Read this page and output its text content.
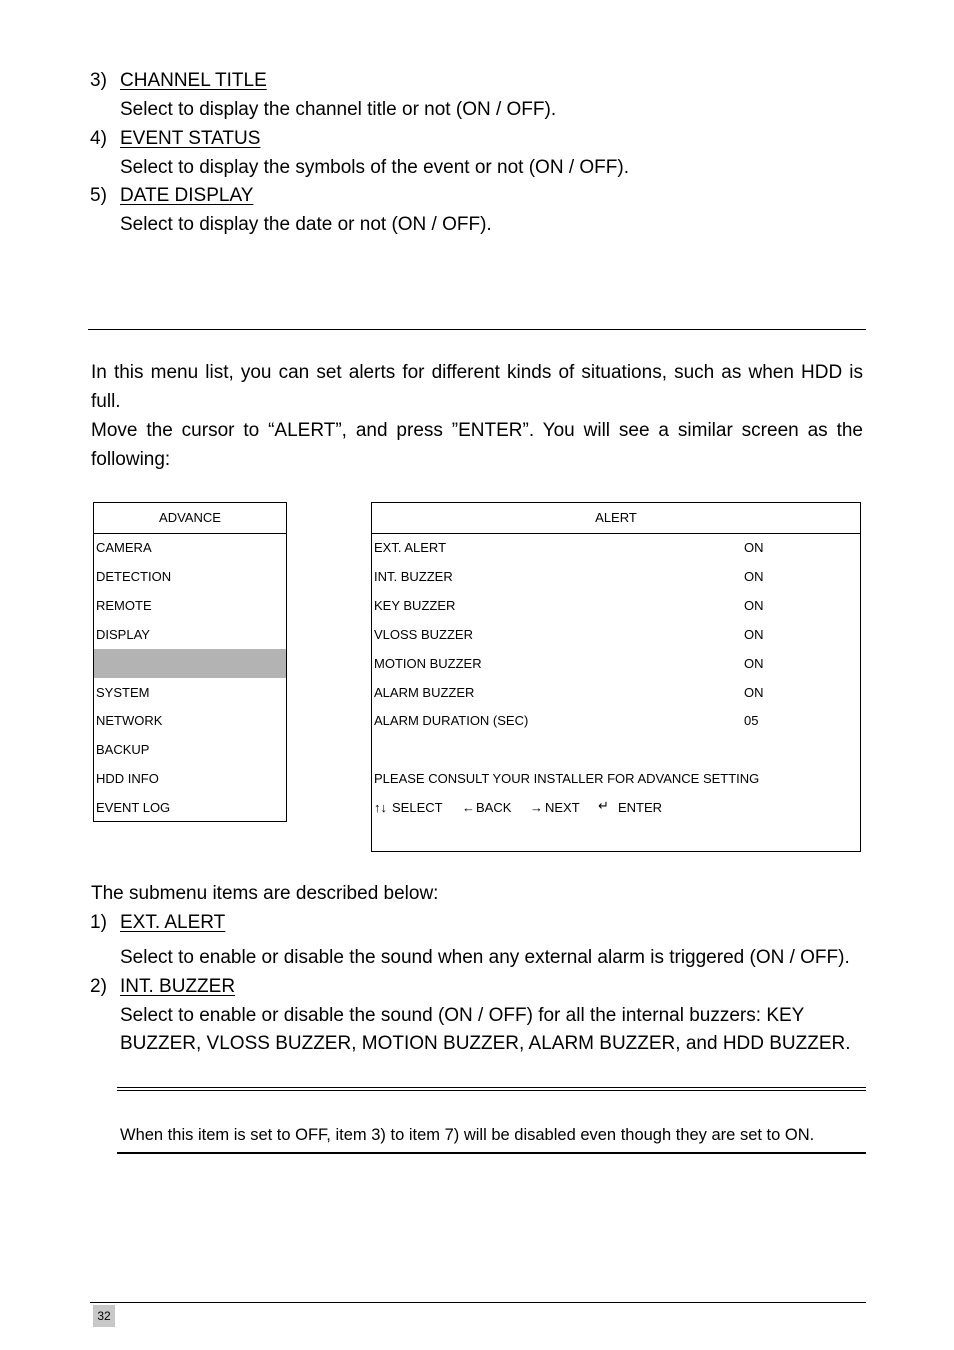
3) CHANNEL TITLE
Select to display the channel title or not (ON / OFF).
4) EVENT STATUS
Select to display the symbols of the event or not (ON / OFF).
5) DATE DISPLAY
Select to display the date or not (ON / OFF).
In this menu list, you can set alerts for different kinds of situations, such as when HDD is full.
Move the cursor to “ALERT”, and press ”ENTER”. You will see a similar screen as the following:
ADVANCE
CAMERA
DETECTION
REMOTE
DISPLAY
SYSTEM
NETWORK
BACKUP
HDD INFO
EVENT LOG
ALERT
EXT. ALERT	ON
INT. BUZZER	ON
KEY BUZZER	ON
VLOSS BUZZER	ON
MOTION BUZZER	ON
ALARM BUZZER	ON
ALARM DURATION (SEC)	05
PLEASE CONSULT YOUR INSTALLER FOR ADVANCE SETTING
↑↓ SELECT ← BACK → NEXT ↵ ENTER
The submenu items are described below:
1) EXT. ALERT
Select to enable or disable the sound when any external alarm is triggered (ON / OFF).
2) INT. BUZZER
Select to enable or disable the sound (ON / OFF) for all the internal buzzers: KEY
BUZZER, VLOSS BUZZER, MOTION BUZZER, ALARM BUZZER, and HDD BUZZER.
When this item is set to OFF, item 3) to item 7) will be disabled even though they are set to ON.
32
